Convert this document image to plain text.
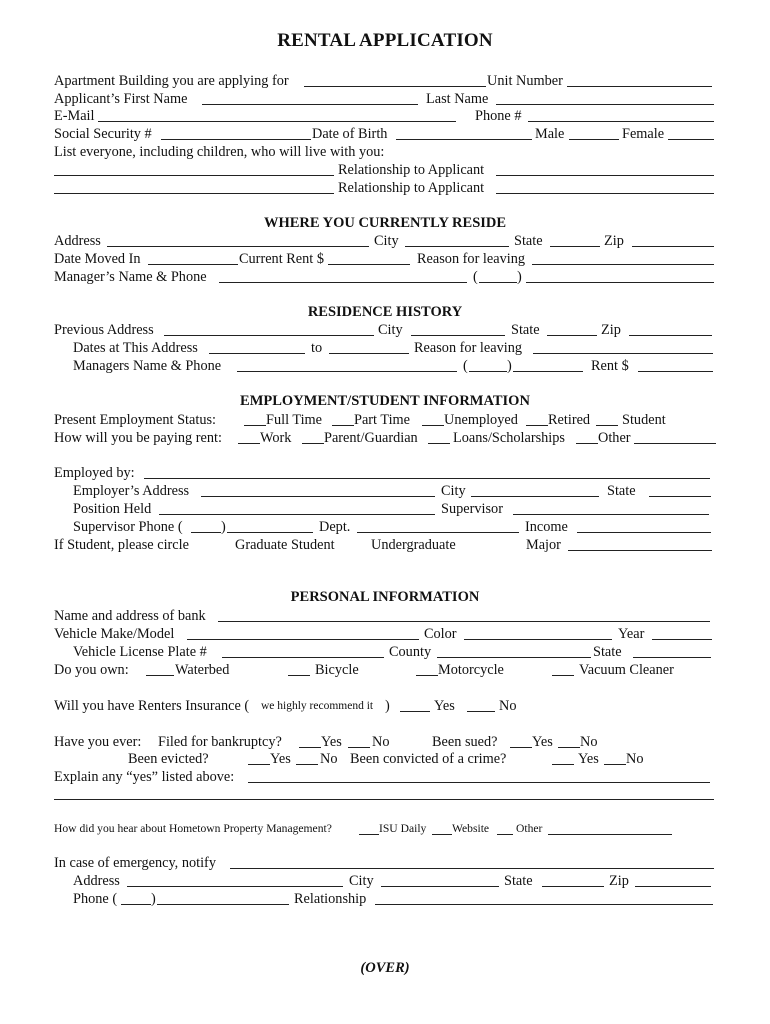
RENTAL APPLICATION
Apartment Building you are applying for	Unit Number
Applicant’s First Name	Last Name
E-Mail	Phone #
Social Security #	Date of Birth	Male	Female
List everyone, including children, who will live with you:
Relationship to Applicant
Relationship to Applicant
WHERE YOU CURRENTLY RESIDE
Address	City	State	Zip
Date Moved In	Current Rent $	Reason for leaving
Manager’s Name & Phone	(	)
RESIDENCE HISTORY
Previous Address	City	State	Zip
Dates at This Address	to	Reason for leaving
Managers Name & Phone	(	)	Rent $
EMPLOYMENT/STUDENT INFORMATION
Present Employment Status:	Full Time Part Time Unemployed Retired Student
How will you be paying rent:	Work Parent/Guardian Loans/Scholarships Other
Employed by:
Employer’s Address	City	State
Position Held	Supervisor
Supervisor Phone (	)	Dept.	Income
If Student, please circle	Graduate Student	Undergraduate	Major
PERSONAL INFORMATION
Name and address of bank
Vehicle Make/Model	Color	Year
Vehicle License Plate #	County	State
Do you own:	Waterbed	Bicycle	Motorcycle	Vacuum Cleaner
Will you have Renters Insurance ( we highly recommend it )	Yes	No
Have you ever: Filed for bankruptcy?	Yes No	Been sued? Yes No
Been evicted?	Yes No Been convicted of a crime?	Yes No
Explain any “yes” listed above:
How did you hear about Hometown Property Management?	ISU Daily Website Other
In case of emergency, notify
Address	City	State	Zip
Phone ( )	Relationship
(OVER)
